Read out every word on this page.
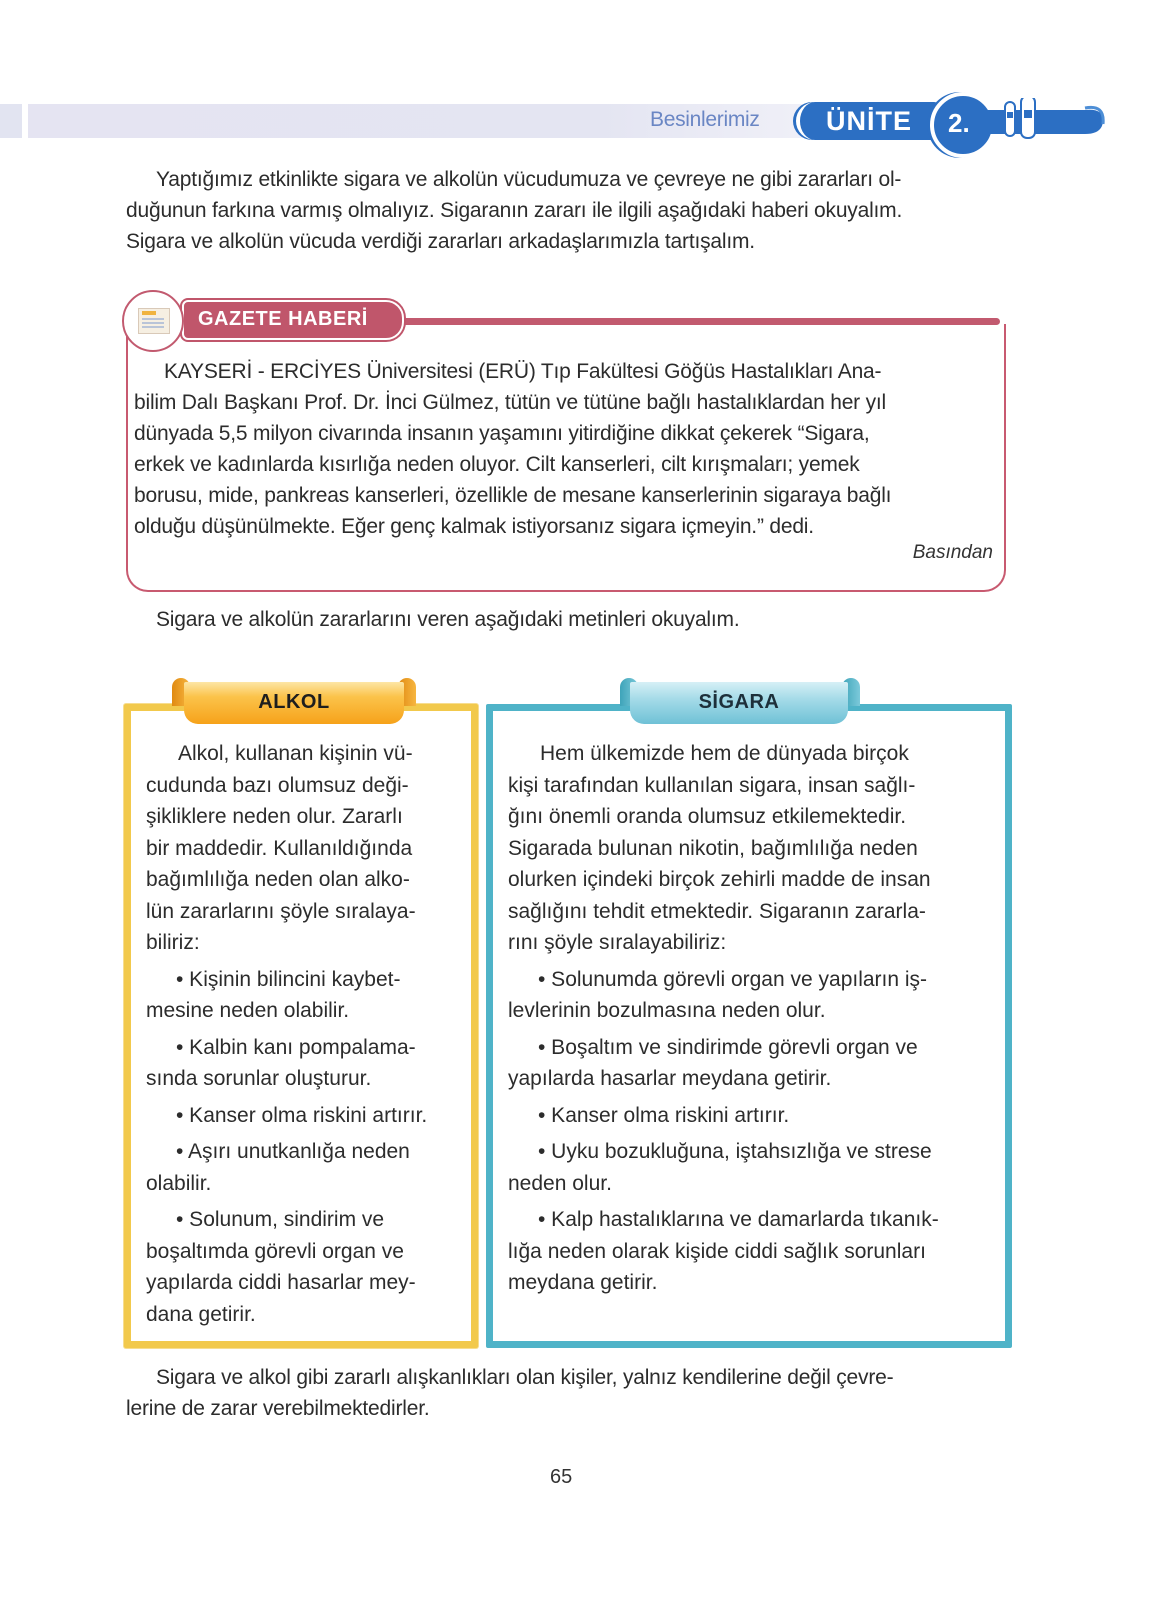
Besinlerimiz ÜNİTE 2.
Yaptığımız etkinlikte sigara ve alkolün vücudumuza ve çevreye ne gibi zararları ol-
duğunun farkına varmış olmalıyız. Sigaranın zararı ile ilgili aşağıdaki haberi okuyalım.
Sigara ve alkolün vücuda verdiği zararları arkadaşlarımızla tartışalım.
GAZETE HABERİ
KAYSERİ - ERCİYES Üniversitesi (ERÜ) Tıp Fakültesi Göğüs Hastalıkları Ana-
bilim Dalı Başkanı Prof. Dr. İnci Gülmez, tütün ve tütüne bağlı hastalıklardan her yıl
dünyada 5,5 milyon civarında insanın yaşamını yitirdiğine dikkat çekerek “Sigara,
erkek ve kadınlarda kısırlığa neden oluyor. Cilt kanserleri, cilt kırışmaları; yemek
borusu, mide, pankreas kanserleri, özellikle de mesane kanserlerinin sigaraya bağlı
olduğu düşünülmekte. Eğer genç kalmak istiyorsanız sigara içmeyin.” dedi.
Basından
Sigara ve alkolün zararlarını veren aşağıdaki metinleri okuyalım.
ALKOL
Alkol, kullanan kişinin vü-
cudunda bazı olumsuz deği-
şikliklere neden olur. Zararlı
bir maddedir. Kullanıldığında
bağımlılığa neden olan alko-
lün zararlarını şöyle sıralaya-
biliriz:
• Kişinin bilincini kaybet-
mesine neden olabilir.
• Kalbin kanı pompalama-
sında sorunlar oluşturur.
• Kanser olma riskini artırır.
• Aşırı unutkanlığa neden
olabilir.
• Solunum, sindirim ve
boşaltımda görevli organ ve
yapılarda ciddi hasarlar mey-
dana getirir.
SİGARA
Hem ülkemizde hem de dünyada birçok
kişi tarafından kullanılan sigara, insan sağlı-
ğını önemli oranda olumsuz etkilemektedir.
Sigarada bulunan nikotin, bağımlılığa neden
olurken içindeki birçok zehirli madde de insan
sağlığını tehdit etmektedir. Sigaranın zararla-
rını şöyle sıralayabiliriz:
• Solunumda görevli organ ve yapıların iş-
levlerinin bozulmasına neden olur.
• Boşaltım ve sindirimde görevli organ ve
yapılarda hasarlar meydana getirir.
• Kanser olma riskini artırır.
• Uyku bozukluğuna, iştahsızlığa ve strese
neden olur.
• Kalp hastalıklarına ve damarlarda tıkanık-
lığa neden olarak kişide ciddi sağlık sorunları
meydana getirir.
Sigara ve alkol gibi zararlı alışkanlıkları olan kişiler, yalnız kendilerine değil çevre-
lerine de zarar verebilmektedirler.
65
